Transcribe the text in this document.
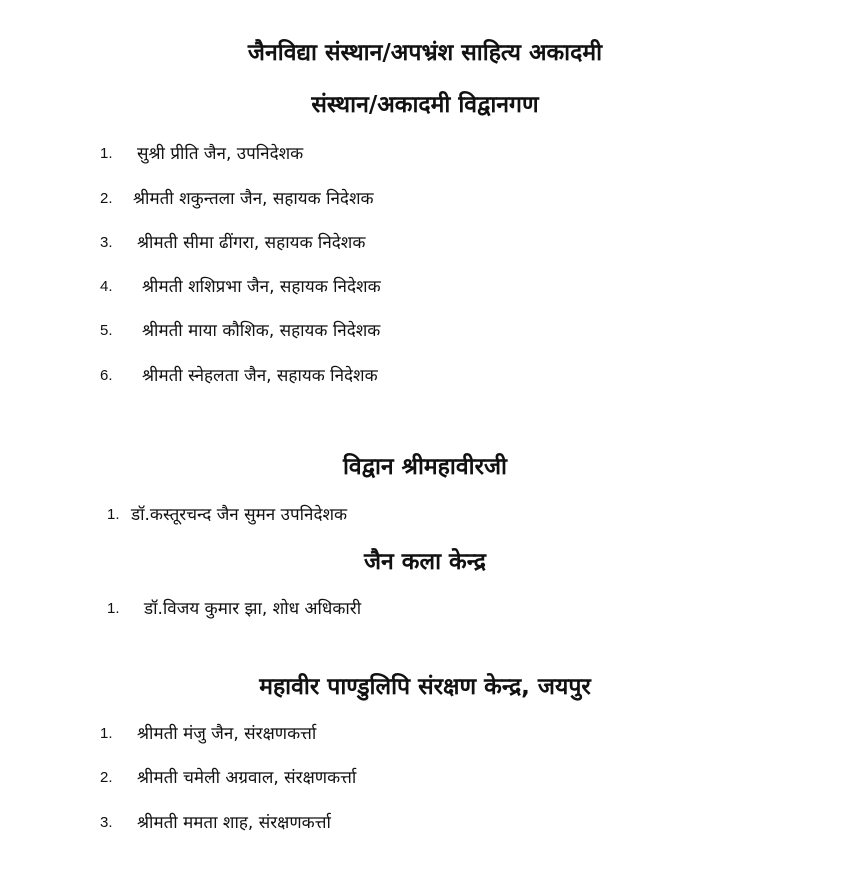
जैनविद्या संस्थान/अपभ्रंश साहित्य अकादमी
संस्थान/अकादमी विद्वानगण
1. सुश्री प्रीति जैन, उपनिदेशक
2. श्रीमती शकुन्तला जैन, सहायक निदेशक
3. श्रीमती सीमा ढींगरा, सहायक निदेशक
4. श्रीमती शशिप्रभा जैन, सहायक निदेशक
5. श्रीमती माया कौशिक, सहायक निदेशक
6. श्रीमती स्नेहलता जैन, सहायक निदेशक
विद्वान श्रीमहावीरजी
1. डॉ.कस्तूरचन्द जैन सुमन उपनिदेशक
जैन कला केन्द्र
1. डॉ.विजय कुमार झा, शोध अधिकारी
महावीर पाण्डुलिपि संरक्षण केन्द्र, जयपुर
1. श्रीमती मंजु जैन, संरक्षणकर्त्ता
2. श्रीमती चमेली अग्रवाल, संरक्षणकर्त्ता
3. श्रीमती ममता शाह, संरक्षणकर्त्ता
